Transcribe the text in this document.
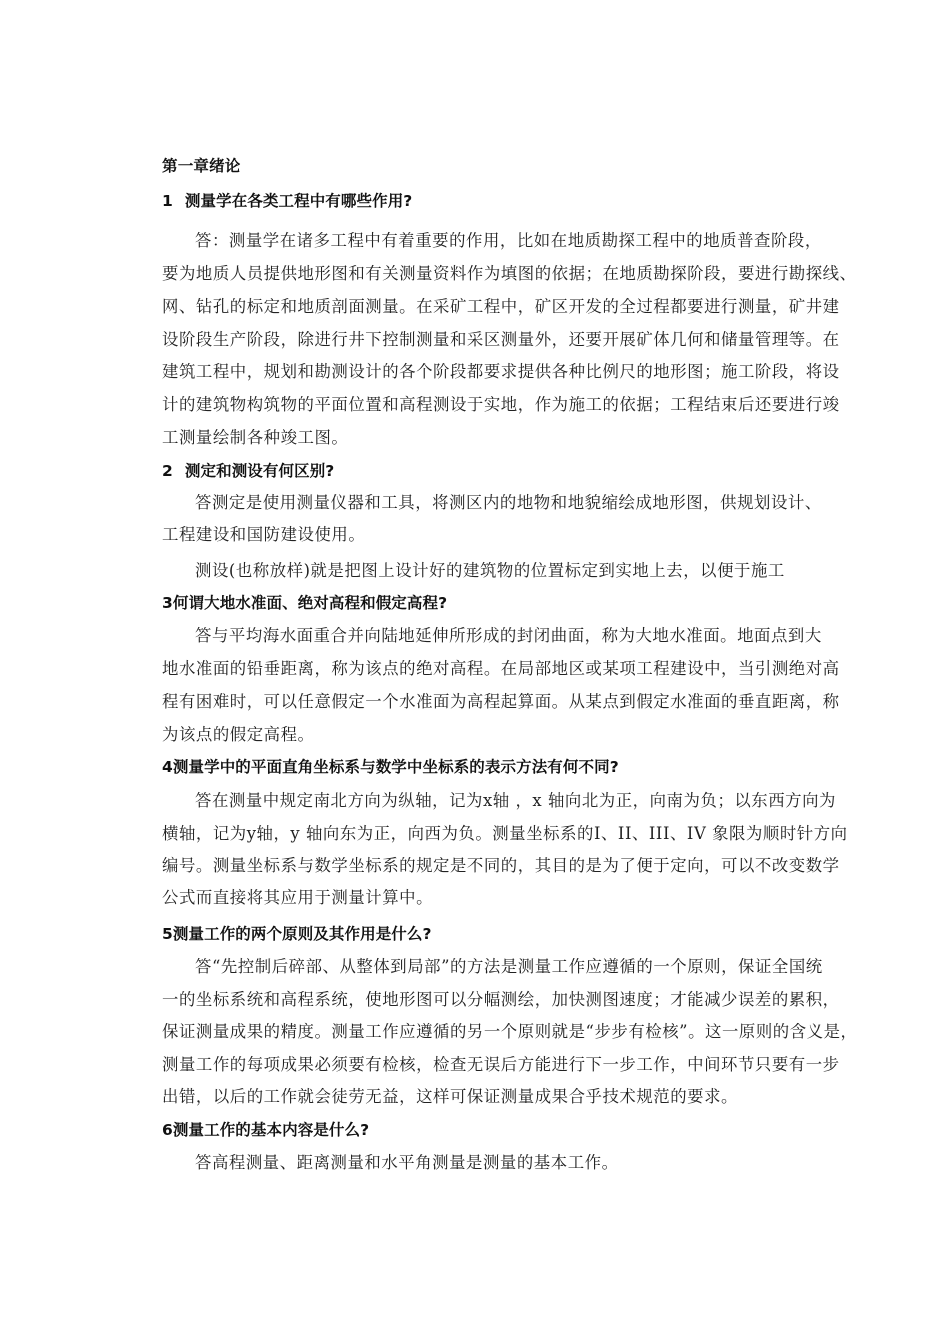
第一章绪论
1 测量学在各类工程中有哪些作用?
答：测量学在诸多工程中有着重要的作用，比如在地质勘探工程中的地质普查阶段，
要为地质人员提供地形图和有关测量资料作为填图的依据；在地质勘探阶段，要进行勘探线、
网、钻孔的标定和地质剖面测量。在采矿工程中，矿区开发的全过程都要进行测量，矿井建
设阶段生产阶段，除进行井下控制测量和采区测量外，还要开展矿体几何和储量管理等。在
建筑工程中，规划和勘测设计的各个阶段都要求提供各种比例尺的地形图；施工阶段，将设
计的建筑物构筑物的平面位置和高程测设于实地，作为施工的依据；工程结束后还要进行竣
工测量绘制各种竣工图。
2 测定和测设有何区别?
答测定是使用测量仪器和工具，将测区内的地物和地貌缩绘成地形图，供规划设计、
工程建设和国防建设使用。
测设(也称放样)就是把图上设计好的建筑物的位置标定到实地上去，以便于施工
3何谓大地水准面、绝对高程和假定高程?
答与平均海水面重合并向陆地延伸所形成的封闭曲面，称为大地水准面。地面点到大
地水准面的铅垂距离，称为该点的绝对高程。在局部地区或某项工程建设中，当引测绝对高
程有困难时，可以任意假定一个水准面为高程起算面。从某点到假定水准面的垂直距离，称
为该点的假定高程。
4测量学中的平面直角坐标系与数学中坐标系的表示方法有何不同?
答在测量中规定南北方向为纵轴，记为x轴 ，x 轴向北为正，向南为负；以东西方向为
横轴，记为y轴，y 轴向东为正，向西为负。测量坐标系的I、II、III、IV 象限为顺时针方向
编号。测量坐标系与数学坐标系的规定是不同的，其目的是为了便于定向，可以不改变数学
公式而直接将其应用于测量计算中。
5测量工作的两个原则及其作用是什么?
答“先控制后碎部、从整体到局部”的方法是测量工作应遵循的一个原则，保证全国统
一的坐标系统和高程系统，使地形图可以分幅测绘，加快测图速度；才能减少误差的累积，
保证测量成果的精度。测量工作应遵循的另一个原则就是“步步有检核”。这一原则的含义是，
测量工作的每项成果必须要有检核，检查无误后方能进行下一步工作，中间环节只要有一步
出错，以后的工作就会徒劳无益，这样可保证测量成果合乎技术规范的要求。
6测量工作的基本内容是什么?
答高程测量、距离测量和水平角测量是测量的基本工作。
